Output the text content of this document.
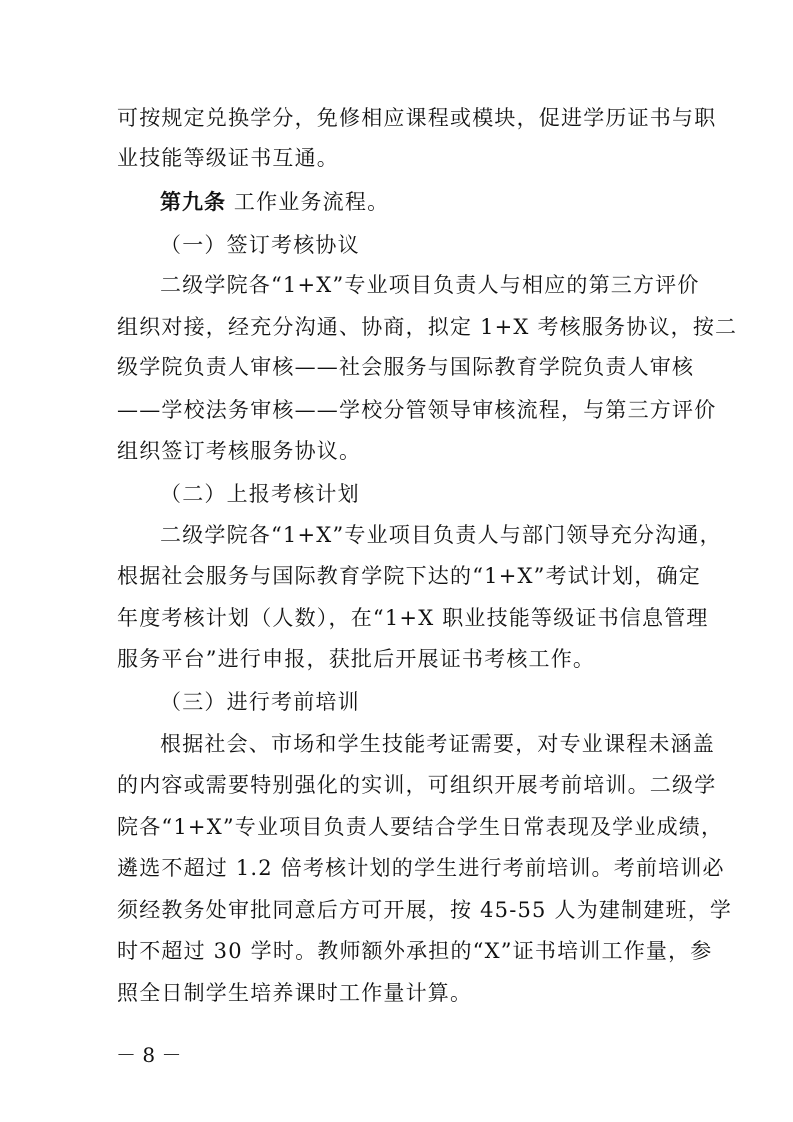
可按规定兑换学分，免修相应课程或模块，促进学历证书与职
业技能等级证书互通。
第九条 工作业务流程。
（一）签订考核协议
二级学院各“1+X”专业项目负责人与相应的第三方评价
组织对接，经充分沟通、协商，拟定 1+X 考核服务协议，按二
级学院负责人审核——社会服务与国际教育学院负责人审核
——学校法务审核——学校分管领导审核流程，与第三方评价
组织签订考核服务协议。
（二）上报考核计划
二级学院各“1+X”专业项目负责人与部门领导充分沟通，
根据社会服务与国际教育学院下达的“1+X”考试计划，确定
年度考核计划（人数），在“1+X 职业技能等级证书信息管理
服务平台”进行申报，获批后开展证书考核工作。
（三）进行考前培训
根据社会、市场和学生技能考证需要，对专业课程未涵盖
的内容或需要特别强化的实训，可组织开展考前培训。二级学
院各“1+X”专业项目负责人要结合学生日常表现及学业成绩，
遴选不超过 1.2 倍考核计划的学生进行考前培训。考前培训必
须经教务处审批同意后方可开展，按 45-55 人为建制建班，学
时不超过 30 学时。教师额外承担的“X”证书培训工作量，参
照全日制学生培养课时工作量计算。
－ 8 －
